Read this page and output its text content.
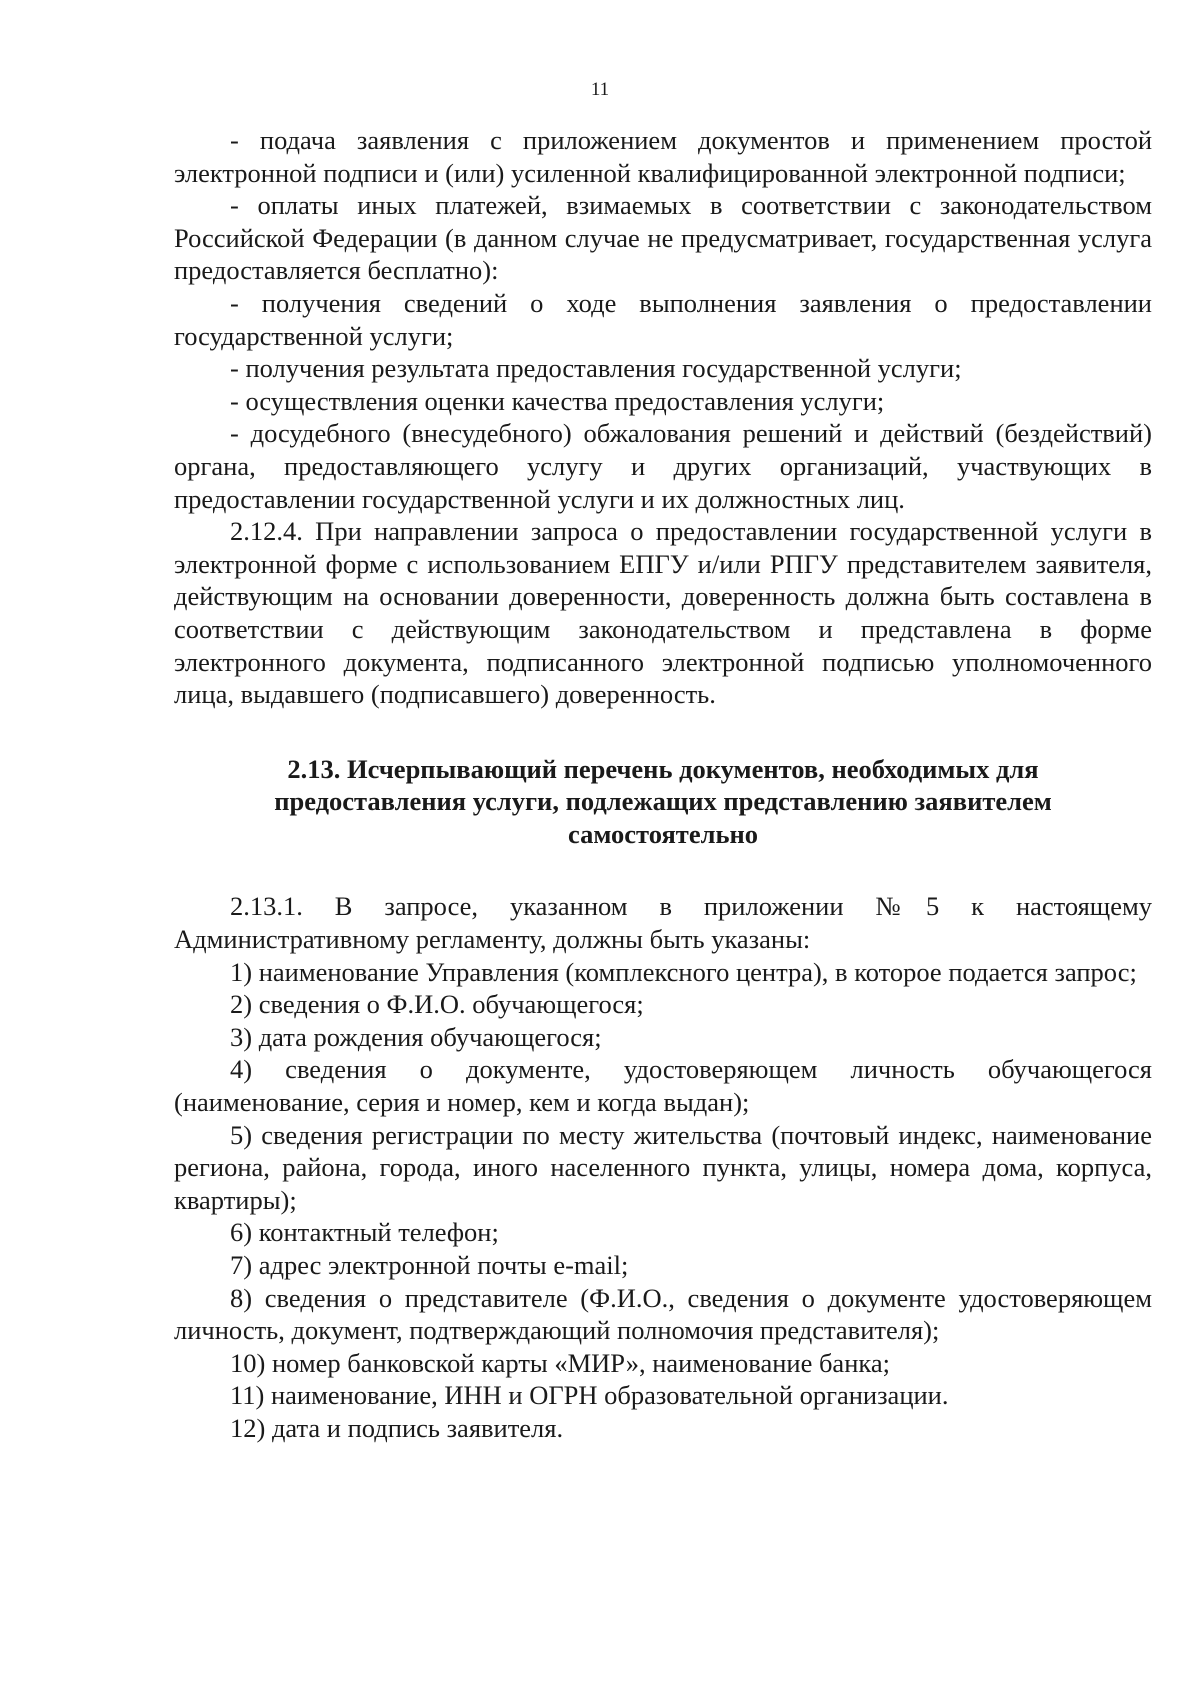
11

- подача заявления с приложением документов и применением простой электронной подписи и (или) усиленной квалифицированной электронной подписи;

- оплаты иных платежей, взимаемых в соответствии с законодательством Российской Федерации (в данном случае не предусматривает, государственная услуга предоставляется бесплатно):

- получения сведений о ходе выполнения заявления о предоставлении государственной услуги;

- получения результата предоставления государственной услуги;

- осуществления оценки качества предоставления услуги;

- досудебного (внесудебного) обжалования решений и действий (бездействий) органа, предоставляющего услугу и других организаций, участвующих в предоставлении государственной услуги и их должностных лиц.

2.12.4. При направлении запроса о предоставлении государственной услуги в электронной форме с использованием ЕПГУ и/или РПГУ представителем заявителя, действующим на основании доверенности, доверенность должна быть составлена в соответствии с действующим законодательством и представлена в форме электронного документа, подписанного электронной подписью уполномоченного лица, выдавшего (подписавшего) доверенность.

2.13. Исчерпывающий перечень документов, необходимых для предоставления услуги, подлежащих представлению заявителем самостоятельно

2.13.1. В запросе, указанном в приложении №5 к настоящему Административному регламенту, должны быть указаны:

1) наименование Управления (комплексного центра), в которое подается запрос;

2) сведения о Ф.И.О. обучающегося;

3) дата рождения обучающегося;

4) сведения о документе, удостоверяющем личность обучающегося (наименование, серия и номер, кем и когда выдан);

5) сведения регистрации по месту жительства (почтовый индекс, наименование региона, района, города, иного населенного пункта, улицы, номера дома, корпуса, квартиры);

6) контактный телефон;

7) адрес электронной почты e-mail;

8) сведения о представителе (Ф.И.О., сведения о документе удостоверяющем личность, документ, подтверждающий полномочия представителя);

10) номер банковской карты «МИР», наименование банка;

11) наименование, ИНН и ОГРН образовательной организации.

12) дата и подпись заявителя.
